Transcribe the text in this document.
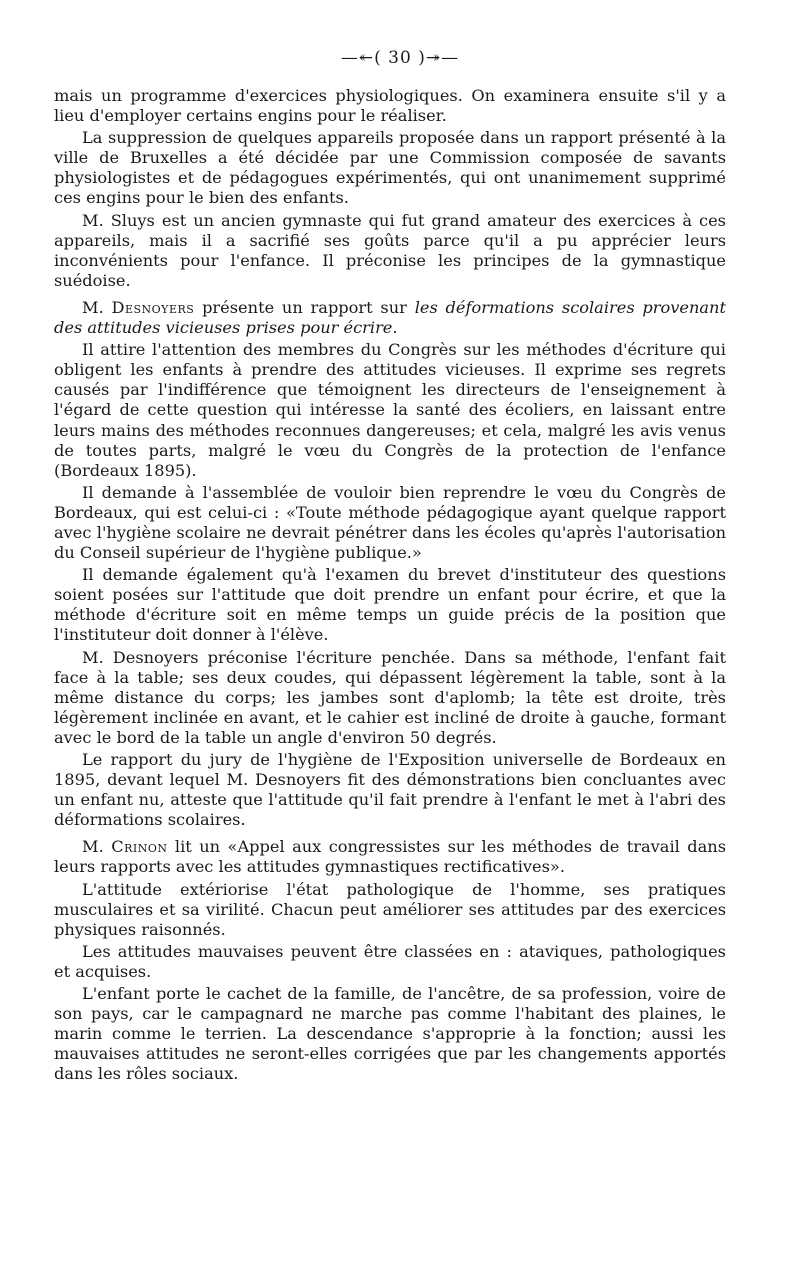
—↞( 30 )↠—

mais un programme d'exercices physiologiques. On examinera ensuite s'il y a lieu d'employer certains engins pour le réaliser.

La suppression de quelques appareils proposée dans un rapport présenté à la ville de Bruxelles a été décidée par une Commission composée de savants physiologistes et de pédagogues expérimentés, qui ont unanimement supprimé ces engins pour le bien des enfants.

M. Sluys est un ancien gymnaste qui fut grand amateur des exercices à ces appareils, mais il a sacrifié ses goûts parce qu'il a pu apprécier leurs inconvénients pour l'enfance. Il préconise les principes de la gymnastique suédoise.

M. Desnoyers présente un rapport sur les déformations scolaires provenant des attitudes vicieuses prises pour écrire.

Il attire l'attention des membres du Congrès sur les méthodes d'écriture qui obligent les enfants à prendre des attitudes vicieuses. Il exprime ses regrets causés par l'indifférence que témoignent les directeurs de l'enseignement à l'égard de cette question qui intéresse la santé des écoliers, en laissant entre leurs mains des méthodes reconnues dangereuses; et cela, malgré les avis venus de toutes parts, malgré le vœu du Congrès de la protection de l'enfance (Bordeaux 1895).

Il demande à l'assemblée de vouloir bien reprendre le vœu du Congrès de Bordeaux, qui est celui-ci : «Toute méthode pédagogique ayant quelque rapport avec l'hygiène scolaire ne devrait pénétrer dans les écoles qu'après l'autorisation du Conseil supérieur de l'hygiène publique.»

Il demande également qu'à l'examen du brevet d'instituteur des questions soient posées sur l'attitude que doit prendre un enfant pour écrire, et que la méthode d'écriture soit en même temps un guide précis de la position que l'instituteur doit donner à l'élève.

M. Desnoyers préconise l'écriture penchée. Dans sa méthode, l'enfant fait face à la table; ses deux coudes, qui dépassent légèrement la table, sont à la même distance du corps; les jambes sont d'aplomb; la tête est droite, très légèrement inclinée en avant, et le cahier est incliné de droite à gauche, formant avec le bord de la table un angle d'environ 50 degrés.

Le rapport du jury de l'hygiène de l'Exposition universelle de Bordeaux en 1895, devant lequel M. Desnoyers fit des démonstrations bien concluantes avec un enfant nu, atteste que l'attitude qu'il fait prendre à l'enfant le met à l'abri des déformations scolaires.

M. Crinon lit un «Appel aux congressistes sur les méthodes de travail dans leurs rapports avec les attitudes gymnastiques rectificatives».

L'attitude extériorise l'état pathologique de l'homme, ses pratiques musculaires et sa virilité. Chacun peut améliorer ses attitudes par des exercices physiques raisonnés.

Les attitudes mauvaises peuvent être classées en : ataviques, pathologiques et acquises.

L'enfant porte le cachet de la famille, de l'ancêtre, de sa profession, voire de son pays, car le campagnard ne marche pas comme l'habitant des plaines, le marin comme le terrien. La descendance s'approprie à la fonction; aussi les mauvaises attitudes ne seront-elles corrigées que par les changements apportés dans les rôles sociaux.
